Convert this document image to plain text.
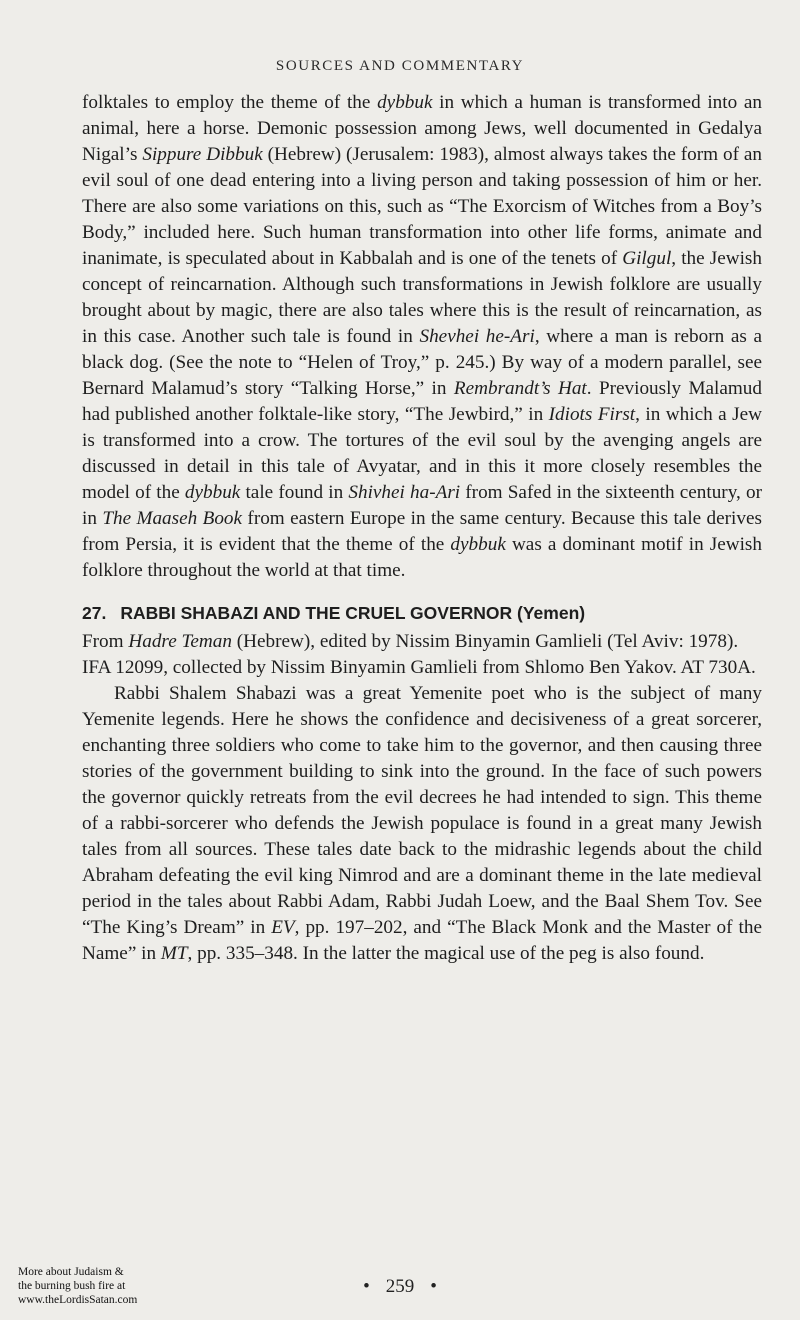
SOURCES AND COMMENTARY

folktales to employ the theme of the dybbuk in which a human is transformed into an animal, here a horse. Demonic possession among Jews, well documented in Gedalya Nigal’s Sippure Dibbuk (Hebrew) (Jerusalem: 1983), almost always takes the form of an evil soul of one dead entering into a living person and taking possession of him or her. There are also some variations on this, such as “The Exorcism of Witches from a Boy’s Body,” included here. Such human transformation into other life forms, animate and inanimate, is speculated about in Kabbalah and is one of the tenets of Gilgul, the Jewish concept of reincarnation. Although such transformations in Jewish folklore are usually brought about by magic, there are also tales where this is the result of reincarnation, as in this case. Another such tale is found in Shevhei he-Ari, where a man is reborn as a black dog. (See the note to “Helen of Troy,” p. 245.) By way of a modern parallel, see Bernard Malamud’s story “Talking Horse,” in Rembrandt’s Hat. Previously Malamud had published another folktale-like story, “The Jewbird,” in Idiots First, in which a Jew is transformed into a crow. The tortures of the evil soul by the avenging angels are discussed in detail in this tale of Avyatar, and in this it more closely resembles the model of the dybbuk tale found in Shivhei ha-Ari from Safed in the sixteenth century, or in The Maaseh Book from eastern Europe in the same century. Because this tale derives from Persia, it is evident that the theme of the dybbuk was a dominant motif in Jewish folklore throughout the world at that time.

27. RABBI SHABAZI AND THE CRUEL GOVERNOR (Yemen)

From Hadre Teman (Hebrew), edited by Nissim Binyamin Gamlieli (Tel Aviv: 1978). IFA 12099, collected by Nissim Binyamin Gamlieli from Shlomo Ben Yakov. AT 730A.

Rabbi Shalem Shabazi was a great Yemenite poet who is the subject of many Yemenite legends. Here he shows the confidence and decisiveness of a great sorcerer, enchanting three soldiers who come to take him to the governor, and then causing three stories of the government building to sink into the ground. In the face of such powers the governor quickly retreats from the evil decrees he had intended to sign. This theme of a rabbi-sorcerer who defends the Jewish populace is found in a great many Jewish tales from all sources. These tales date back to the midrashic legends about the child Abraham defeating the evil king Nimrod and are a dominant theme in the late medieval period in the tales about Rabbi Adam, Rabbi Judah Loew, and the Baal Shem Tov. See “The King’s Dream” in EV, pp. 197–202, and “The Black Monk and the Master of the Name” in MT, pp. 335–348. In the latter the magical use of the peg is also found.

• 259 •
More about Judaism &
the burning bush fire at
www.theLordisSatan.com
